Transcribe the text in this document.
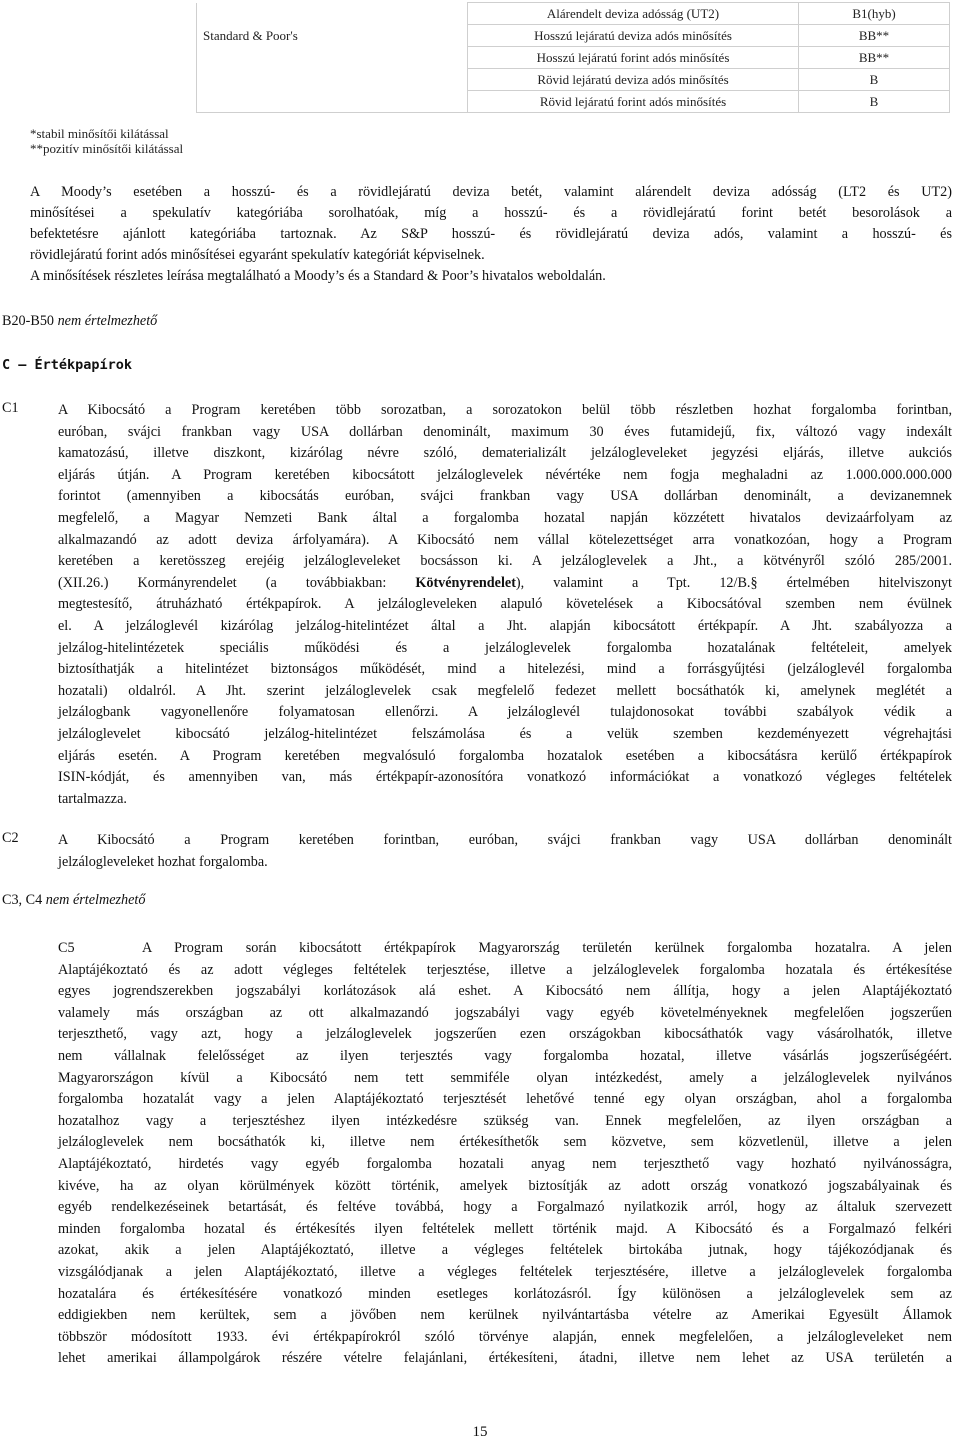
	Alárendelt deviza adósság (UT2)	B1(hyb)
Standard & Poor's	Hosszú lejáratú deviza adós minősítés	BB**
	Hosszú lejáratú forint adós minősítés	BB**
	Rövid lejáratú deviza adós minősítés	B
	Rövid lejáratú forint adós minősítés	B
*stabil minősítői kilátással
**pozitív minősítői kilátással
A Moody’s esetében a hosszú- és a rövidlejáratú deviza betét, valamint alárendelt deviza adósság (LT2 és UT2)
minősítései a spekulatív kategóriába sorolhatóak, míg a hosszú- és a rövidlejáratú forint betét besorolások a
befektetésre ajánlott kategóriába tartoznak. Az S&P hosszú- és rövidlejáratú deviza adós, valamint a hosszú- és
rövidlejáratú forint adós minősítései egyaránt spekulatív kategóriát képviselnek.
A minősítések részletes leírása megtalálható a Moody’s és a Standard & Poor’s hivatalos weboldalán.
B20-B50 nem értelmezhető
C – Értékpapírok
C1	A Kibocsátó a Program keretében több sorozatban, a sorozatokon belül több részletben hozhat forgalomba forintban,
euróban, svájci frankban vagy USA dollárban denominált, maximum 30 éves futamidejű, fix, változó vagy indexált
kamatozású, illetve diszkont, kizárólag névre szóló, dematerializált jelzálogleveleket jegyzési eljárás, illetve aukciós
eljárás útján. A Program keretében kibocsátott jelzáloglevelek névértéke nem fogja meghaladni az 1.000.000.000.000
forintot (amennyiben a kibocsátás euróban, svájci frankban vagy USA dollárban denominált, a devizanemnek
megfelelő, a Magyar Nemzeti Bank által a forgalomba hozatal napján közzétett hivatalos devizaárfolyam az
alkalmazandó az adott deviza árfolyamára). A Kibocsátó nem vállal kötelezettséget arra vonatkozóan, hogy a Program
keretében a keretösszeg erejéig jelzálogleveleket bocsásson ki. A jelzáloglevelek a Jht., a kötvényről szóló 285/2001.
(XII.26.) Kormányrendelet (a továbbiakban: Kötvényrendelet), valamint a Tpt. 12/B.§ értelmében hitelviszonyt
megtestesítő, átruházható értékpapírok. A jelzálogleveleken alapuló követelések a Kibocsátóval szemben nem évülnek
el. A jelzáloglevél kizárólag jelzálog-hitelintézet által a Jht. alapján kibocsátott értékpapír. A Jht. szabályozza a
jelzálog-hitelintézetek speciális működési és a jelzáloglevelek forgalomba hozatalának feltételeit, amelyek
biztosíthatják a hitelintézet biztonságos működését, mind a hitelezési, mind a forrásgyűjtési (jelzáloglevél forgalomba
hozatali) oldalról. A Jht. szerint jelzáloglevelek csak megfelelő fedezet mellett bocsáthatók ki, amelynek meglétét a
jelzálogbank vagyonellenőre folyamatosan ellenőrzi. A jelzáloglevél tulajdonosokat további szabályok védik a
jelzáloglevelet kibocsátó jelzálog-hitelintézet felszámolása és a velük szemben kezdeményezett végrehajtási
eljárás esetén. A Program keretében megvalósuló forgalomba hozatalok esetében a kibocsátásra kerülő értékpapírok
ISIN-kódját, és amennyiben van, más értékpapír-azonosítóra vonatkozó információkat a vonatkozó végleges feltételek
tartalmazza.
C2	A Kibocsátó a Program keretében forintban, euróban, svájci frankban vagy USA dollárban denominált
jelzálogleveleket hozhat forgalomba.
C3, C4 nem értelmezhető
C5	A Program során kibocsátott értékpapírok Magyarország területén kerülnek forgalomba hozatalra. A jelen
Alaptájékoztató és az adott végleges feltételek terjesztése, illetve a jelzáloglevelek forgalomba hozatala és értékesítése
egyes jogrendszerekben jogszabályi korlátozások alá eshet. A Kibocsátó nem állítja, hogy a jelen Alaptájékoztató
valamely más országban az ott alkalmazandó jogszabályi vagy egyéb követelményeknek megfelelően jogszerűen
terjeszthető, vagy azt, hogy a jelzáloglevelek jogszerűen ezen országokban kibocsáthatók vagy vásárolhatók, illetve
nem vállalnak felelősséget az ilyen terjesztés vagy forgalomba hozatal, illetve vásárlás jogszerűségéért.
Magyarországon kívül a Kibocsátó nem tett semmiféle olyan intézkedést, amely a jelzáloglevelek nyilvános
forgalomba hozatalát vagy a jelen Alaptájékoztató terjesztését lehetővé tenné egy olyan országban, ahol a forgalomba
hozatalhoz vagy a terjesztéshez ilyen intézkedésre szükség van. Ennek megfelelően, az ilyen országban a
jelzáloglevelek nem bocsáthatók ki, illetve nem értékesíthetők sem közvetve, sem közvetlenül, illetve a jelen
Alaptájékoztató, hirdetés vagy egyéb forgalomba hozatali anyag nem terjeszthető vagy hozható nyilvánosságra,
kivéve, ha az olyan körülmények között történik, amelyek biztosítják az adott ország vonatkozó jogszabályainak és
egyéb rendelkezéseinek betartását, és feltéve továbbá, hogy a Forgalmazó nyilatkozik arról, hogy az általuk szervezett
minden forgalomba hozatal és értékesítés ilyen feltételek mellett történik majd. A Kibocsátó és a Forgalmazó felkéri
azokat, akik a jelen Alaptájékoztató, illetve a végleges feltételek birtokába jutnak, hogy tájékozódjanak és
vizsgálódjanak a jelen Alaptájékoztató, illetve a végleges feltételek terjesztésére, illetve a jelzáloglevelek forgalomba
hozatalára és értékesítésére vonatkozó minden esetleges korlátozásról. Így különösen a jelzáloglevelek sem az
eddigiekben nem kerültek, sem a jövőben nem kerülnek nyilvántartásba vételre az Amerikai Egyesült Államok
többször módosított 1933. évi értékpapírokról szóló törvénye alapján, ennek megfelelően, a jelzálogleveleket nem
lehet amerikai állampolgárok részére vételre felajánlani, értékesíteni, átadni, illetve nem lehet az USA területén a
15
